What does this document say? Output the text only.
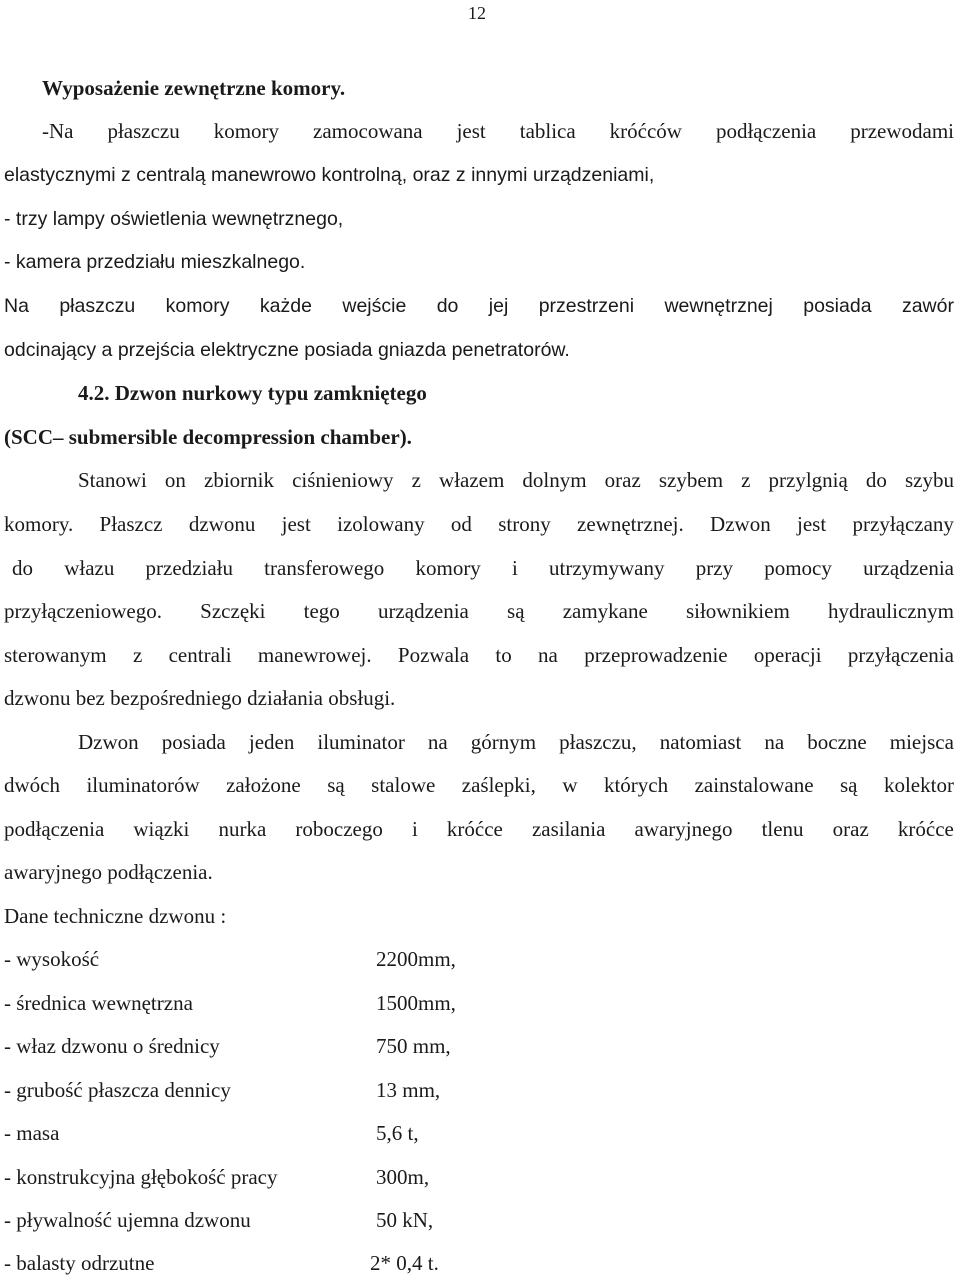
12
Wyposażenie zewnętrzne komory.
-Na płaszczu komory zamocowana jest tablica króćców podłączenia przewodami
elastycznymi z centralą manewrowo kontrolną, oraz z innymi urządzeniami,
- trzy lampy oświetlenia wewnętrznego,
- kamera przedziału mieszkalnego.
Na płaszczu komory każde wejście do jej przestrzeni wewnętrznej posiada zawór
odcinający a przejścia elektryczne posiada gniazda penetratorów.
4.2. Dzwon nurkowy typu zamkniętego
(SCC– submersible decompression chamber).
Stanowi on zbiornik ciśnieniowy z włazem dolnym oraz szybem z przylgnią do szybu
komory. Płaszcz dzwonu jest izolowany od strony zewnętrznej. Dzwon jest przyłączany
do włazu przedziału transferowego komory i utrzymywany przy pomocy urządzenia
przyłączeniowego. Szczęki tego urządzenia są zamykane siłownikiem hydraulicznym
sterowanym z centrali manewrowej. Pozwala to na przeprowadzenie operacji przyłączenia
dzwonu bez bezpośredniego działania obsługi.
Dzwon posiada jeden iluminator na górnym płaszczu, natomiast na boczne miejsca
dwóch iluminatorów założone są stalowe zaślepki, w których zainstalowane są kolektor
podłączenia wiązki nurka roboczego i króćce zasilania awaryjnego tlenu oraz króćce
awaryjnego podłączenia.
Dane techniczne dzwonu :
- wysokość	2200mm,
- średnica wewnętrzna	1500mm,
- właz dzwonu o średnicy	750 mm,
- grubość płaszcza dennicy	13 mm,
- masa	5,6 t,
- konstrukcyjna głębokość pracy	300m,
- pływalność ujemna dzwonu	50 kN,
- balasty odrzutne	2* 0,4 t.
